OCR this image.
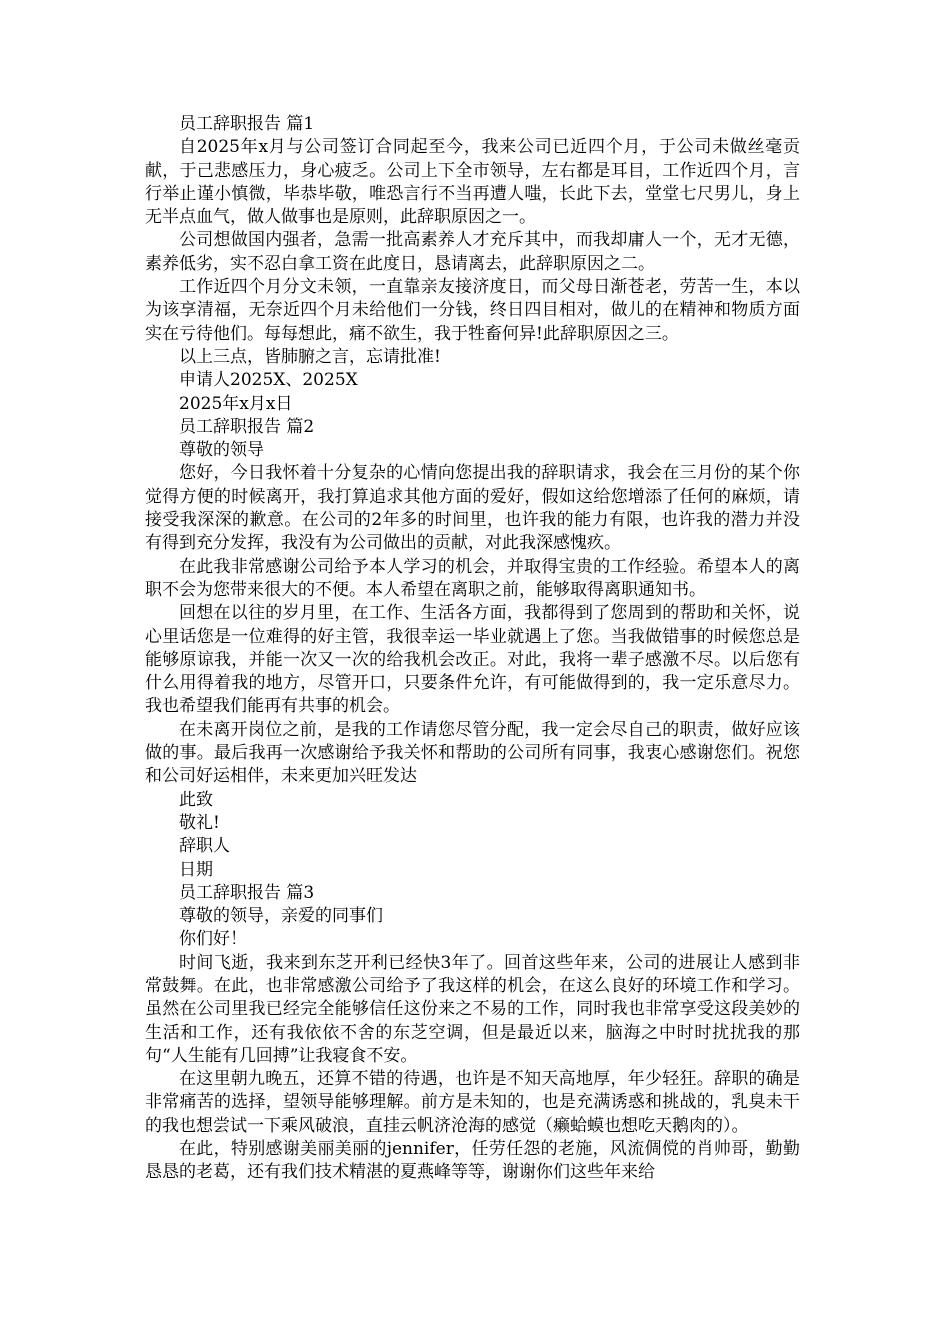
员工辞职报告 篇1

自2025年x月与公司签订合同起至今，我来公司已近四个月，于公司未做丝毫贡献，于己悲感压力，身心疲乏。公司上下全市领导，左右都是耳目，工作近四个月，言行举止谨小慎微，毕恭毕敬，唯恐言行不当再遭人嗤，长此下去，堂堂七尺男儿，身上无半点血气，做人做事也是原则，此辞职原因之一。

公司想做国内强者，急需一批高素养人才充斥其中，而我却庸人一个，无才无德，素养低劣，实不忍白拿工资在此度日，恳请离去，此辞职原因之二。

工作近四个月分文未领，一直靠亲友接济度日，而父母日渐苍老，劳苦一生，本以为该享清福，无奈近四个月未给他们一分钱，终日四目相对，做儿的在精神和物质方面实在亏待他们。每每想此，痛不欲生，我于牲畜何异!此辞职原因之三。

以上三点，皆肺腑之言，忘请批准!

申请人2025X、2025X

2025年x月x日

员工辞职报告 篇2

尊敬的领导

您好，今日我怀着十分复杂的心情向您提出我的辞职请求，我会在三月份的某个你觉得方便的时候离开，我打算追求其他方面的爱好，假如这给您增添了任何的麻烦，请接受我深深的歉意。在公司的2年多的时间里，也许我的能力有限，也许我的潜力并没有得到充分发挥，我没有为公司做出的贡献，对此我深感愧疚。

在此我非常感谢公司给予本人学习的机会，并取得宝贵的工作经验。希望本人的离职不会为您带来很大的不便。本人希望在离职之前，能够取得离职通知书。

回想在以往的岁月里，在工作、生活各方面，我都得到了您周到的帮助和关怀，说心里话您是一位难得的好主管，我很幸运一毕业就遇上了您。当我做错事的时候您总是能够原谅我，并能一次又一次的给我机会改正。对此，我将一辈子感激不尽。以后您有什么用得着我的地方，尽管开口，只要条件允许，有可能做得到的，我一定乐意尽力。我也希望我们能再有共事的机会。

在未离开岗位之前，是我的工作请您尽管分配，我一定会尽自己的职责，做好应该做的事。最后我再一次感谢给予我关怀和帮助的公司所有同事，我衷心感谢您们。祝您和公司好运相伴，未来更加兴旺发达

此致

敬礼!

辞职人

日期

员工辞职报告 篇3

尊敬的领导，亲爱的同事们

你们好！

时间飞逝，我来到东芝开利已经快3年了。回首这些年来，公司的进展让人感到非常鼓舞。在此，也非常感激公司给予了我这样的机会，在这么良好的环境工作和学习。虽然在公司里我已经完全能够信任这份来之不易的工作，同时我也非常享受这段美妙的生活和工作，还有我依依不舍的东芝空调，但是最近以来，脑海之中时时扰扰我的那句“人生能有几回搏”让我寝食不安。

在这里朝九晚五，还算不错的待遇，也许是不知天高地厚，年少轻狂。辞职的确是非常痛苦的选择，望领导能够理解。前方是未知的，也是充满诱惑和挑战的，乳臭未干的我也想尝试一下乘风破浪，直挂云帆济沧海的感觉（癞蛤蟆也想吃天鹅肉的）。

在此，特别感谢美丽美丽的jennifer，任劳任怨的老施，风流倜傥的肖帅哥，勤勤恳恳的老葛，还有我们技术精湛的夏燕峰等等，谢谢你们这些年来给
